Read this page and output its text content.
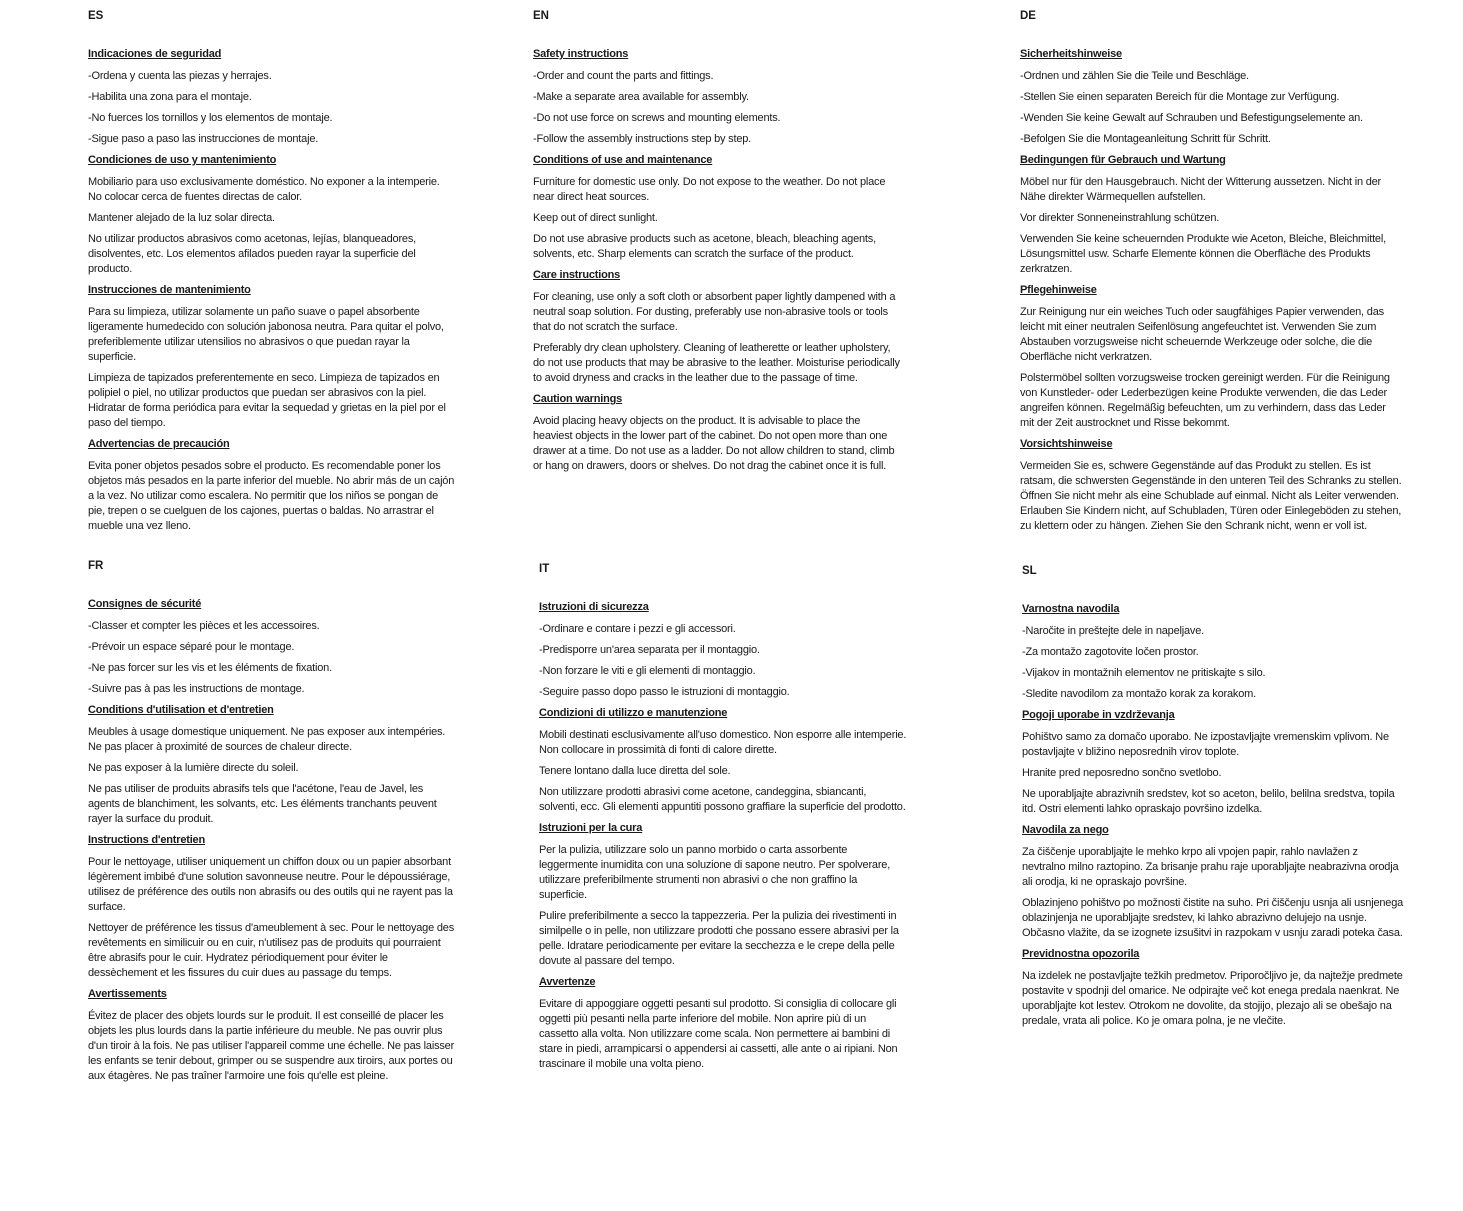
ES
Indicaciones de seguridad

-Ordena y cuenta las piezas y herrajes.

-Habilita una zona para el montaje.

-No fuerces los tornillos y los elementos de montaje.

-Sigue paso a paso las instrucciones de montaje.

Condiciones de uso y mantenimiento

Mobiliario para uso exclusivamente doméstico. No exponer a la intemperie. No colocar cerca de fuentes directas de calor.

Mantener alejado de la luz solar directa.

No utilizar productos abrasivos como acetonas, lejías, blanqueadores, disolventes, etc. Los elementos afilados pueden rayar la superficie del producto.

Instrucciones de mantenimiento

Para su limpieza, utilizar solamente un paño suave o papel absorbente ligeramente humedecido con solución jabonosa neutra. Para quitar el polvo, preferiblemente utilizar utensilios no abrasivos o que puedan rayar la superficie.

Limpieza de tapizados preferentemente en seco. Limpieza de tapizados en polipiel o piel, no utilizar productos que puedan ser abrasivos con la piel. Hidratar de forma periódica para evitar la sequedad y grietas en la piel por el paso del tiempo.

Advertencias de precaución

Evita poner objetos pesados sobre el producto. Es recomendable poner los objetos más pesados en la parte inferior del mueble. No abrir más de un cajón a la vez. No utilizar como escalera. No permitir que los niños se pongan de pie, trepen o se cuelguen de los cajones, puertas o baldas. No arrastrar el mueble una vez lleno.

EN
Safety instructions

-Order and count the parts and fittings.

-Make a separate area available for assembly.

-Do not use force on screws and mounting elements.

-Follow the assembly instructions step by step.

Conditions of use and maintenance

Furniture for domestic use only. Do not expose to the weather. Do not place near direct heat sources.

Keep out of direct sunlight.

Do not use abrasive products such as acetone, bleach, bleaching agents, solvents, etc. Sharp elements can scratch the surface of the product.

Care instructions

For cleaning, use only a soft cloth or absorbent paper lightly dampened with a neutral soap solution. For dusting, preferably use non-abrasive tools or tools that do not scratch the surface.

Preferably dry clean upholstery. Cleaning of leatherette or leather upholstery, do not use products that may be abrasive to the leather. Moisturise periodically to avoid dryness and cracks in the leather due to the passage of time.

Caution warnings

Avoid placing heavy objects on the product. It is advisable to place the heaviest objects in the lower part of the cabinet. Do not open more than one drawer at a time. Do not use as a ladder. Do not allow children to stand, climb or hang on drawers, doors or shelves. Do not drag the cabinet once it is full.

DE
Sicherheitshinweise

-Ordnen und zählen Sie die Teile und Beschläge.

-Stellen Sie einen separaten Bereich für die Montage zur Verfügung.

-Wenden Sie keine Gewalt auf Schrauben und Befestigungselemente an.

-Befolgen Sie die Montageanleitung Schritt für Schritt.

Bedingungen für Gebrauch und Wartung

Möbel nur für den Hausgebrauch. Nicht der Witterung aussetzen. Nicht in der Nähe direkter Wärmequellen aufstellen.

Vor direkter Sonneneinstrahlung schützen.

Verwenden Sie keine scheuernden Produkte wie Aceton, Bleiche, Bleichmittel, Lösungsmittel usw. Scharfe Elemente können die Oberfläche des Produkts zerkratzen.

Pflegehinweise

Zur Reinigung nur ein weiches Tuch oder saugfähiges Papier verwenden, das leicht mit einer neutralen Seifenlösung angefeuchtet ist. Verwenden Sie zum Abstauben vorzugsweise nicht scheuernde Werkzeuge oder solche, die die Oberfläche nicht verkratzen.

Polstermöbel sollten vorzugsweise trocken gereinigt werden. Für die Reinigung von Kunstleder- oder Lederbezügen keine Produkte verwenden, die das Leder angreifen können. Regelmäßig befeuchten, um zu verhindern, dass das Leder mit der Zeit austrocknet und Risse bekommt.

Vorsichtshinweise

Vermeiden Sie es, schwere Gegenstände auf das Produkt zu stellen. Es ist ratsam, die schwersten Gegenstände in den unteren Teil des Schranks zu stellen. Öffnen Sie nicht mehr als eine Schublade auf einmal. Nicht als Leiter verwenden. Erlauben Sie Kindern nicht, auf Schubladen, Türen oder Einlegeböden zu stehen, zu klettern oder zu hängen. Ziehen Sie den Schrank nicht, wenn er voll ist.

FR
Consignes de sécurité

-Classer et compter les pièces et les accessoires.

-Prévoir un espace séparé pour le montage.

-Ne pas forcer sur les vis et les éléments de fixation.

-Suivre pas à pas les instructions de montage.

Conditions d'utilisation et d'entretien

Meubles à usage domestique uniquement. Ne pas exposer aux intempéries. Ne pas placer à proximité de sources de chaleur directe.

Ne pas exposer à la lumière directe du soleil.

Ne pas utiliser de produits abrasifs tels que l'acétone, l'eau de Javel, les agents de blanchiment, les solvants, etc. Les éléments tranchants peuvent rayer la surface du produit.

Instructions d'entretien

Pour le nettoyage, utiliser uniquement un chiffon doux ou un papier absorbant légèrement imbibé d'une solution savonneuse neutre. Pour le dépoussiérage, utilisez de préférence des outils non abrasifs ou des outils qui ne rayent pas la surface.

Nettoyer de préférence les tissus d'ameublement à sec. Pour le nettoyage des revêtements en similicuir ou en cuir, n'utilisez pas de produits qui pourraient être abrasifs pour le cuir. Hydratez périodiquement pour éviter le dessèchement et les fissures du cuir dues au passage du temps.

Avertissements

Évitez de placer des objets lourds sur le produit. Il est conseillé de placer les objets les plus lourds dans la partie inférieure du meuble. Ne pas ouvrir plus d'un tiroir à la fois. Ne pas utiliser l'appareil comme une échelle. Ne pas laisser les enfants se tenir debout, grimper ou se suspendre aux tiroirs, aux portes ou aux étagères. Ne pas traîner l'armoire une fois qu'elle est pleine.

IT
Istruzioni di sicurezza

-Ordinare e contare i pezzi e gli accessori.

-Predisporre un'area separata per il montaggio.

-Non forzare le viti e gli elementi di montaggio.

-Seguire passo dopo passo le istruzioni di montaggio.

Condizioni di utilizzo e manutenzione

Mobili destinati esclusivamente all'uso domestico. Non esporre alle intemperie. Non collocare in prossimità di fonti di calore dirette.

Tenere lontano dalla luce diretta del sole.

Non utilizzare prodotti abrasivi come acetone, candeggina, sbiancanti, solventi, ecc. Gli elementi appuntiti possono graffiare la superficie del prodotto.

Istruzioni per la cura

Per la pulizia, utilizzare solo un panno morbido o carta assorbente leggermente inumidita con una soluzione di sapone neutro. Per spolverare, utilizzare preferibilmente strumenti non abrasivi o che non graffino la superficie.

Pulire preferibilmente a secco la tappezzeria. Per la pulizia dei rivestimenti in similpelle o in pelle, non utilizzare prodotti che possano essere abrasivi per la pelle. Idratare periodicamente per evitare la secchezza e le crepe della pelle dovute al passare del tempo.

Avvertenze

Evitare di appoggiare oggetti pesanti sul prodotto. Si consiglia di collocare gli oggetti più pesanti nella parte inferiore del mobile. Non aprire più di un cassetto alla volta. Non utilizzare come scala. Non permettere ai bambini di stare in piedi, arrampicarsi o appendersi ai cassetti, alle ante o ai ripiani. Non trascinare il mobile una volta pieno.

SL
Varnostna navodila

-Naročite in preštejte dele in napeljave.

-Za montažo zagotovite ločen prostor.

-Vijakov in montažnih elementov ne pritiskajte s silo.

-Sledite navodilom za montažo korak za korakom.

Pogoji uporabe in vzdrževanja

Pohištvo samo za domačo uporabo. Ne izpostavljajte vremenskim vplivom. Ne postavljajte v bližino neposrednih virov toplote.

Hranite pred neposredno sončno svetlobo.

Ne uporabljajte abrazivnih sredstev, kot so aceton, belilo, belilna sredstva, topila itd. Ostri elementi lahko opraskajo površino izdelka.

Navodila za nego

Za čiščenje uporabljajte le mehko krpo ali vpojen papir, rahlo navlažen z nevtralno milno raztopino. Za brisanje prahu raje uporabljajte neabrazivna orodja ali orodja, ki ne opraskajo površine.

Oblazinjeno pohištvo po možnosti čistite na suho. Pri čiščenju usnja ali usnjenega oblazinjenja ne uporabljajte sredstev, ki lahko abrazivno delujejo na usnje. Občasno vlažite, da se izognete izsušitvi in razpokam v usnju zaradi poteka časa.

Previdnostna opozorila

Na izdelek ne postavljajte težkih predmetov. Priporočljivo je, da najtežje predmete postavite v spodnji del omarice. Ne odpirajte več kot enega predala naenkrat. Ne uporabljajte kot lestev. Otrokom ne dovolite, da stojijo, plezajo ali se obešajo na predale, vrata ali police. Ko je omara polna, je ne vlečite.
